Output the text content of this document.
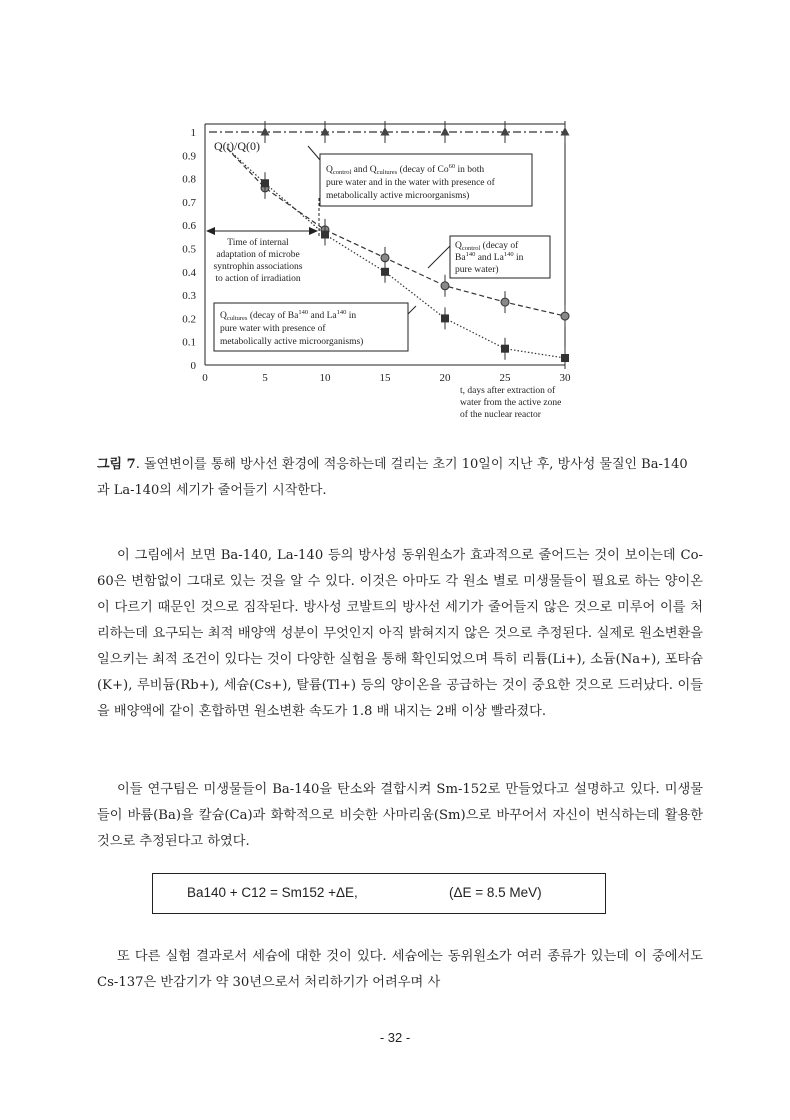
0
0.1
0.2
0.3
0.4
0.5
0.6
0.7
0.8
0.9
1
0	5	10	15	20	25	30
Q(t)/Q(0)
$Q_{control}$ and $Q_{cultures}$ (decay of Co$^{60}$ in both
pure water and in the water with presence of
metabolically active microorganisms)
Time of internal
adaptation of microbe
syntrophin associations
to action of irradiation
$Q_{control}$ (decay of
Ba$^{140}$ and La$^{140}$ in
pure water)
$Q_{cultures}$ (decay of Ba$^{140}$ and La$^{140}$ in
pure water with presence of
metabolically active microorganisms)
t, days after extraction of
water from the active zone
of the nuclear reactor

그림 7. 돌연변이를 통해 방사선 환경에 적응하는데 걸리는 초기 10일이 지난 후, 방사성 물질인 Ba-140과 La-140의 세기가 줄어들기 시작한다.

이 그림에서 보면 Ba-140, La-140 등의 방사성 동위원소가 효과적으로 줄어드는 것이 보이는데 Co-60은 변함없이 그대로 있는 것을 알 수 있다. 이것은 아마도 각 원소 별로 미생물들이 필요로 하는 양이온이 다르기 때문인 것으로 짐작된다. 방사성 코발트의 방사선 세기가 줄어들지 않은 것으로 미루어 이를 처리하는데 요구되는 최적 배양액 성분이 무엇인지 아직 밝혀지지 않은 것으로 추정된다. 실제로 원소변환을 일으키는 최적 조건이 있다는 것이 다양한 실험을 통해 확인되었으며 특히 리튬(Li+), 소듐(Na+), 포타슘(K+), 루비듐(Rb+), 세슘(Cs+), 탈륨(Tl+) 등의 양이온을 공급하는 것이 중요한 것으로 드러났다. 이들을 배양액에 같이 혼합하면 원소변환 속도가 1.8 배 내지는 2배 이상 빨라졌다.

이들 연구팀은 미생물들이 Ba-140을 탄소와 결합시켜 Sm-152로 만들었다고 설명하고 있다. 미생물들이 바륨(Ba)을 칼슘(Ca)과 화학적으로 비슷한 사마리움(Sm)으로 바꾸어서 자신이 번식하는데 활용한 것으로 추정된다고 하였다.

Ba140 + C12 = Sm152 +ΔE,	(ΔE = 8.5 MeV)

또 다른 실험 결과로서 세슘에 대한 것이 있다. 세슘에는 동위원소가 여러 종류가 있는데 이 중에서도 Cs-137은 반감기가 약 30년으로서 처리하기가 어려우며 사

- 32 -
